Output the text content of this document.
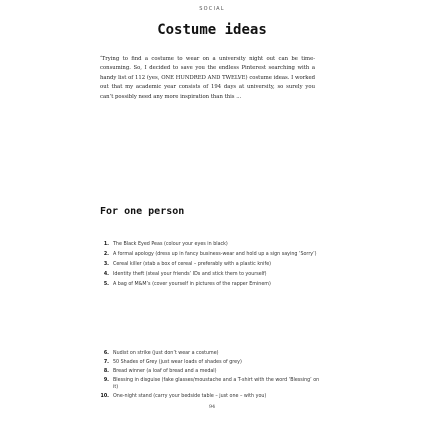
SOCIAL
Costume ideas
‘Trying to find a costume to wear on a university night out can be time-consuming. So, I decided to save you the endless Pinterest searching with a handy list of 112 (yes, ONE HUNDRED AND TWELVE) costume ideas. I worked out that my academic year consists of 194 days at university, so surely you can’t possibly need any more inspiration than this ...
For one person
1. The Black Eyed Peas (colour your eyes in black)
2. A formal apology (dress up in fancy business-wear and hold up a sign saying ‘Sorry’)
3. Cereal killer (stab a box of cereal – preferably with a plastic knife)
4. Identity theft (steal your friends’ IDs and stick them to yourself)
5. A bag of M&M’s (cover yourself in pictures of the rapper Eminem)
6. Nudist on strike (just don’t wear a costume)
7. 50 Shades of Grey (just wear loads of shades of grey)
8. Bread winner (a loaf of bread and a medal)
9. Blessing in disguise (fake glasses/moustache and a T-shirt with the word ‘Blessing’ on it)
10. One-night stand (carry your bedside table – just one – with you)
94
